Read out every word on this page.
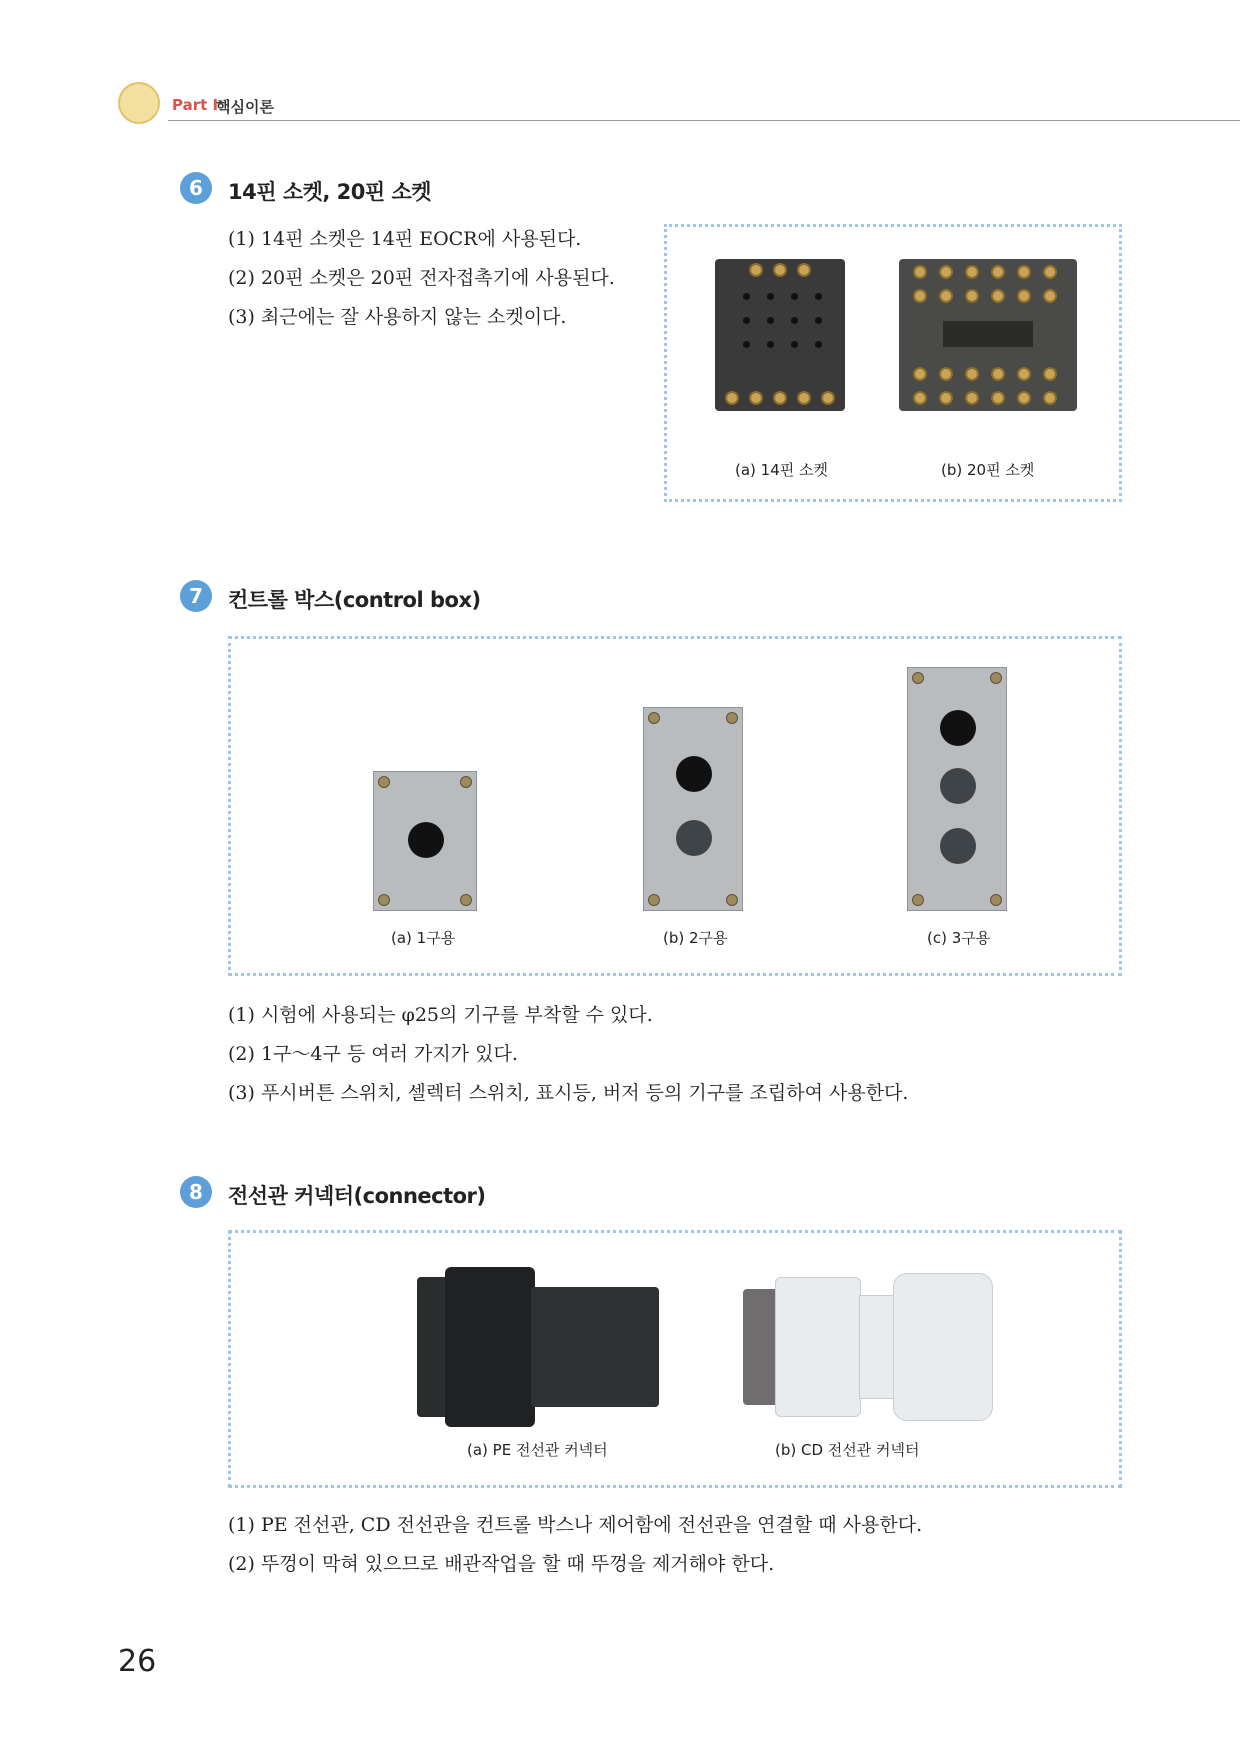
Part Ⅰ
핵심이론
6	14핀 소켓, 20핀 소켓
(1) 14핀 소켓은 14핀 EOCR에 사용된다.
(2) 20핀 소켓은 20핀 전자접촉기에 사용된다.
(3) 최근에는 잘 사용하지 않는 소켓이다.
(a) 14핀 소켓	(b) 20핀 소켓
7	컨트롤 박스(control box)
(a) 1구용	(b) 2구용	(c) 3구용
(1) 시험에 사용되는 φ25의 기구를 부착할 수 있다.
(2) 1구～4구 등 여러 가지가 있다.
(3) 푸시버튼 스위치, 셀렉터 스위치, 표시등, 버저 등의 기구를 조립하여 사용한다.
8	전선관 커넥터(connector)
(a) PE 전선관 커넥터	(b) CD 전선관 커넥터
(1) PE 전선관, CD 전선관을 컨트롤 박스나 제어함에 전선관을 연결할 때 사용한다.
(2) 뚜껑이 막혀 있으므로 배관작업을 할 때 뚜껑을 제거해야 한다.
26
